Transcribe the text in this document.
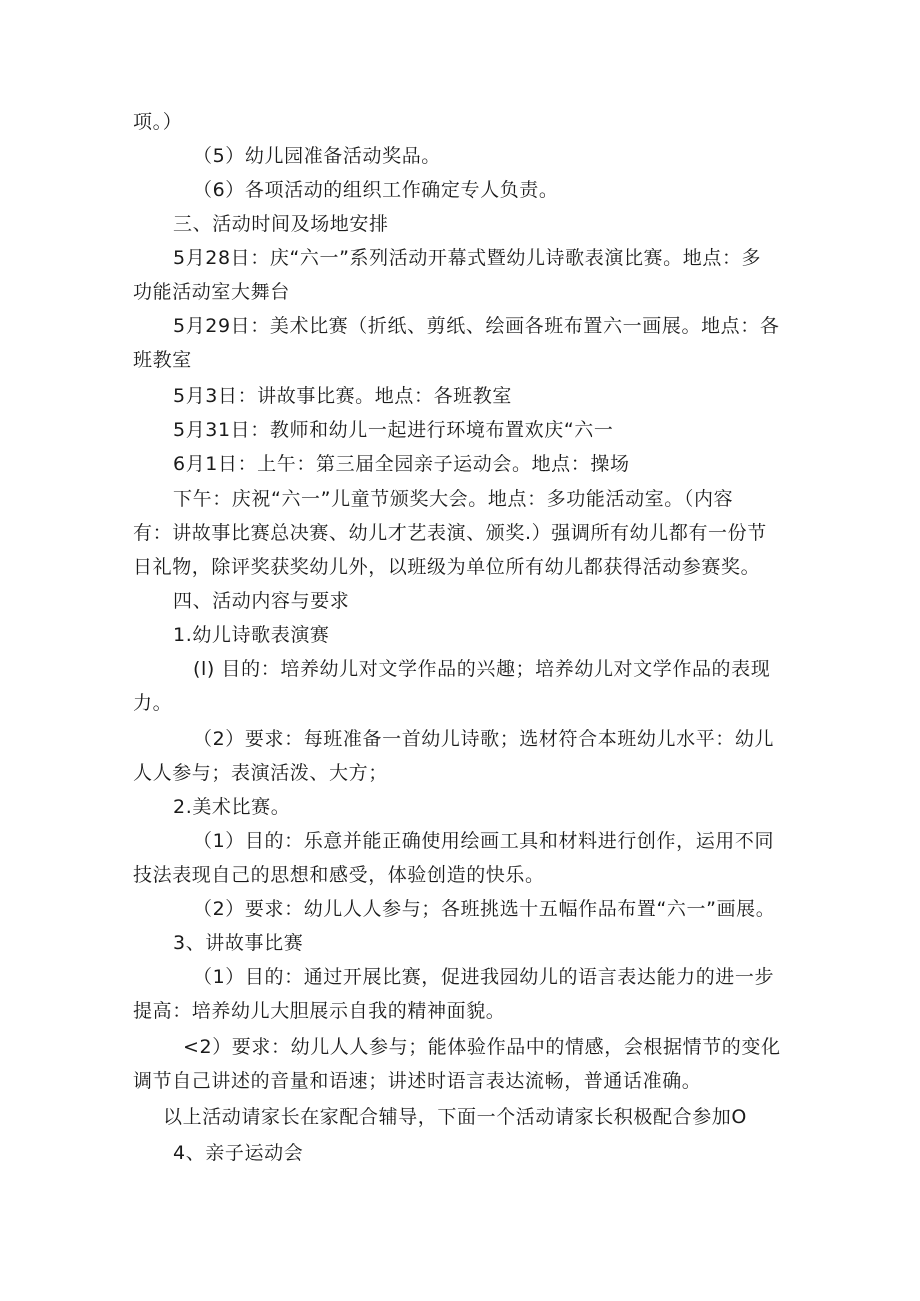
项。）
（5）幼儿园准备活动奖品。
（6）各项活动的组织工作确定专人负责。
三、活动时间及场地安排
5月28日：庆“六一”系列活动开幕式暨幼儿诗歌表演比赛。地点：多
功能活动室大舞台
5月29日：美术比赛（折纸、剪纸、绘画各班布置六一画展。地点：各
班教室
5月3日：讲故事比赛。地点：各班教室
5月31日：教师和幼儿一起进行环境布置欢庆“六一
6月1日：上午：第三届全园亲子运动会。地点：操场
下午：庆祝“六一”儿童节颁奖大会。地点：多功能活动室。（内容
有：讲故事比赛总决赛、幼儿才艺表演、颁奖.）强调所有幼儿都有一份节
日礼物，除评奖获奖幼儿外，以班级为单位所有幼儿都获得活动参赛奖。
四、活动内容与要求
1.幼儿诗歌表演赛
(l) 目的：培养幼儿对文学作品的兴趣；培养幼儿对文学作品的表现
力。
（2）要求：每班准备一首幼儿诗歌；选材符合本班幼儿水平：幼儿
人人参与；表演活泼、大方；
2.美术比赛。
（1）目的：乐意并能正确使用绘画工具和材料进行创作，运用不同
技法表现自己的思想和感受，体验创造的快乐。
（2）要求：幼儿人人参与；各班挑选十五幅作品布置“六一”画展。
3、讲故事比赛
（1）目的：通过开展比赛，促进我园幼儿的语言表达能力的进一步
提高：培养幼儿大胆展示自我的精神面貌。
<2）要求：幼儿人人参与；能体验作品中的情感，会根据情节的变化
调节自己讲述的音量和语速；讲述时语言表达流畅，普通话准确。
以上活动请家长在家配合辅导，下面一个活动请家长积极配合参加O
4、亲子运动会
